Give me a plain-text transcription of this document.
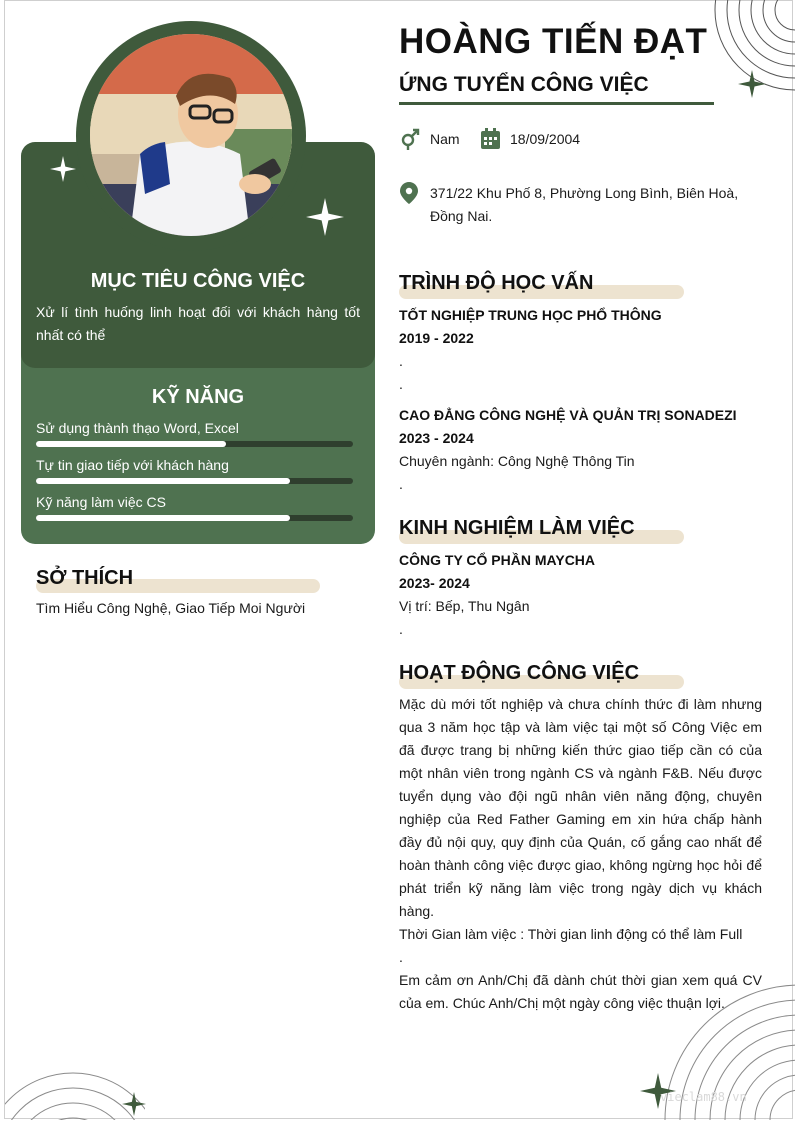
MỤC TIÊU CÔNG VIỆC
Xử lí tình huống linh hoạt đối với khách hàng tốt nhất có thể
KỸ NĂNG
Sử dụng thành thạo Word, Excel
Tự tin giao tiếp với khách hàng
Kỹ năng làm việc CS
SỞ THÍCH
Tìm Hiểu Công Nghệ, Giao Tiếp Moi Người
HOÀNG TIẾN ĐẠT
ỨNG TUYỂN CÔNG VIỆC
Nam	18/09/2004
371/22 Khu Phố 8, Phường Long Bình, Biên Hoà,
Đồng Nai.
TRÌNH ĐỘ HỌC VẤN
TỐT NGHIỆP TRUNG HỌC PHỔ THÔNG
2019 - 2022
.
.
CAO ĐẲNG CÔNG NGHỆ VÀ QUẢN TRỊ SONADEZI
2023 - 2024
Chuyên ngành: Công Nghệ Thông Tin
.
KINH NGHIỆM LÀM VIỆC
CÔNG TY CỔ PHẦN MAYCHA
2023- 2024
Vị trí: Bếp, Thu Ngân
.
HOẠT ĐỘNG CÔNG VIỆC

Mặc dù mới tốt nghiệp và chưa chính thức đi làm nhưng qua 3 năm học tập và làm việc tại một số Công Việc em đã được trang bị những kiến thức giao tiếp cần có của một nhân viên trong ngành CS và ngành F&B. Nếu được tuyển dụng vào đội ngũ nhân viên năng động, chuyên nghiệp của Red Father Gaming em xin hứa chấp hành đầy đủ nội quy, quy định của Quán, cố gắng cao nhất để hoàn thành công việc được giao, không ngừng học hỏi để phát triển kỹ năng làm việc trong ngày dịch vụ khách hàng.

Thời Gian làm việc : Thời gian linh động có thể làm Full

.

Em cảm ơn Anh/Chị đã dành chút thời gian xem quá CV của em. Chúc Anh/Chị một ngày công việc thuận lợi.

vieclam88.vn
